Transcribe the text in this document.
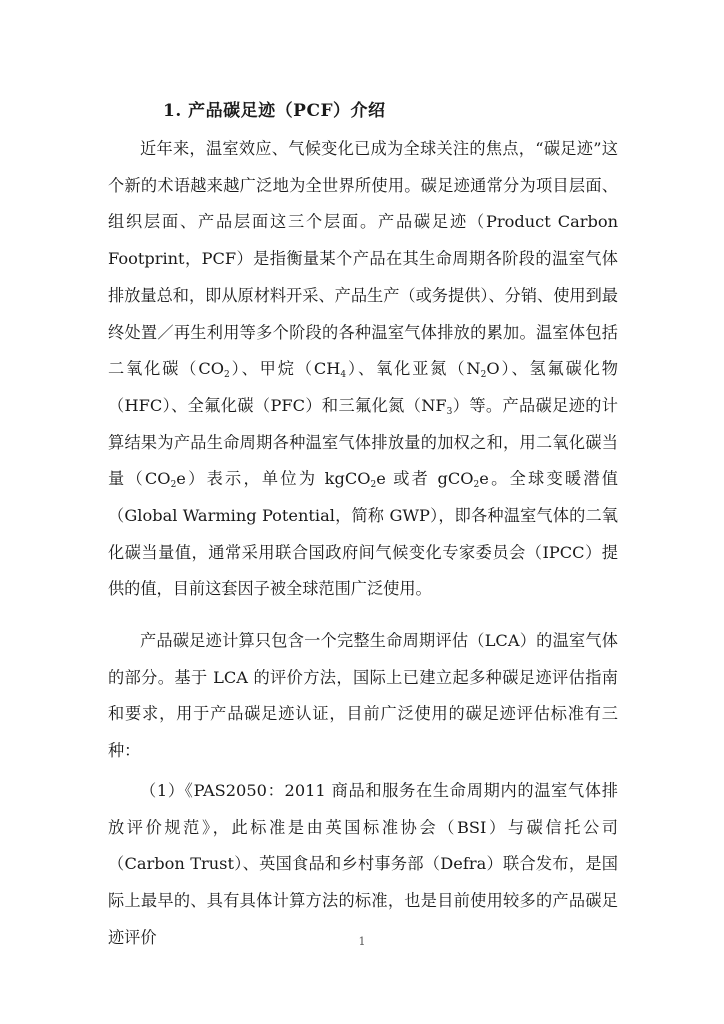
1. 产品碳足迹（PCF）介绍

近年来，温室效应、气候变化已成为全球关注的焦点，“碳足迹”这个新的术语越来越广泛地为全世界所使用。碳足迹通常分为项目层面、组织层面、产品层面这三个层面。产品碳足迹（Product Carbon Footprint，PCF）是指衡量某个产品在其生命周期各阶段的温室气体排放量总和，即从原材料开采、产品生产（或务提供）、分销、使用到最终处置／再生利用等多个阶段的各种温室气体排放的累加。温室体包括二氧化碳$(CO_2)$、甲烷$(CH_4)$、氧化亚氮$(N_2O)$、氢氟碳化物（HFC）、全氟化碳（PFC）和三氟化氮$(NF_3)$等。产品碳足迹的计算结果为产品生命周期各种温室气体排放量的加权之和，用二氧化碳当量$(CO_2e)$表示，单位为 kgCO$_2$e 或者 gCO$_2$e。全球变暖潜值（Global Warming Potential，简称 GWP），即各种温室气体的二氧化碳当量值，通常采用联合国政府间气候变化专家委员会（IPCC）提供的值，目前这套因子被全球范围广泛使用。

产品碳足迹计算只包含一个完整生命周期评估（LCA）的温室气体的部分。基于 LCA 的评价方法，国际上已建立起多种碳足迹评估指南和要求，用于产品碳足迹认证，目前广泛使用的碳足迹评估标准有三种：

（1）《PAS2050：2011 商品和服务在生命周期内的温室气体排放评价规范》，此标准是由英国标准协会（BSI）与碳信托公司（Carbon Trust）、英国食品和乡村事务部（Defra）联合发布，是国际上最早的、具有具体计算方法的标准，也是目前使用较多的产品碳足迹评价	1
